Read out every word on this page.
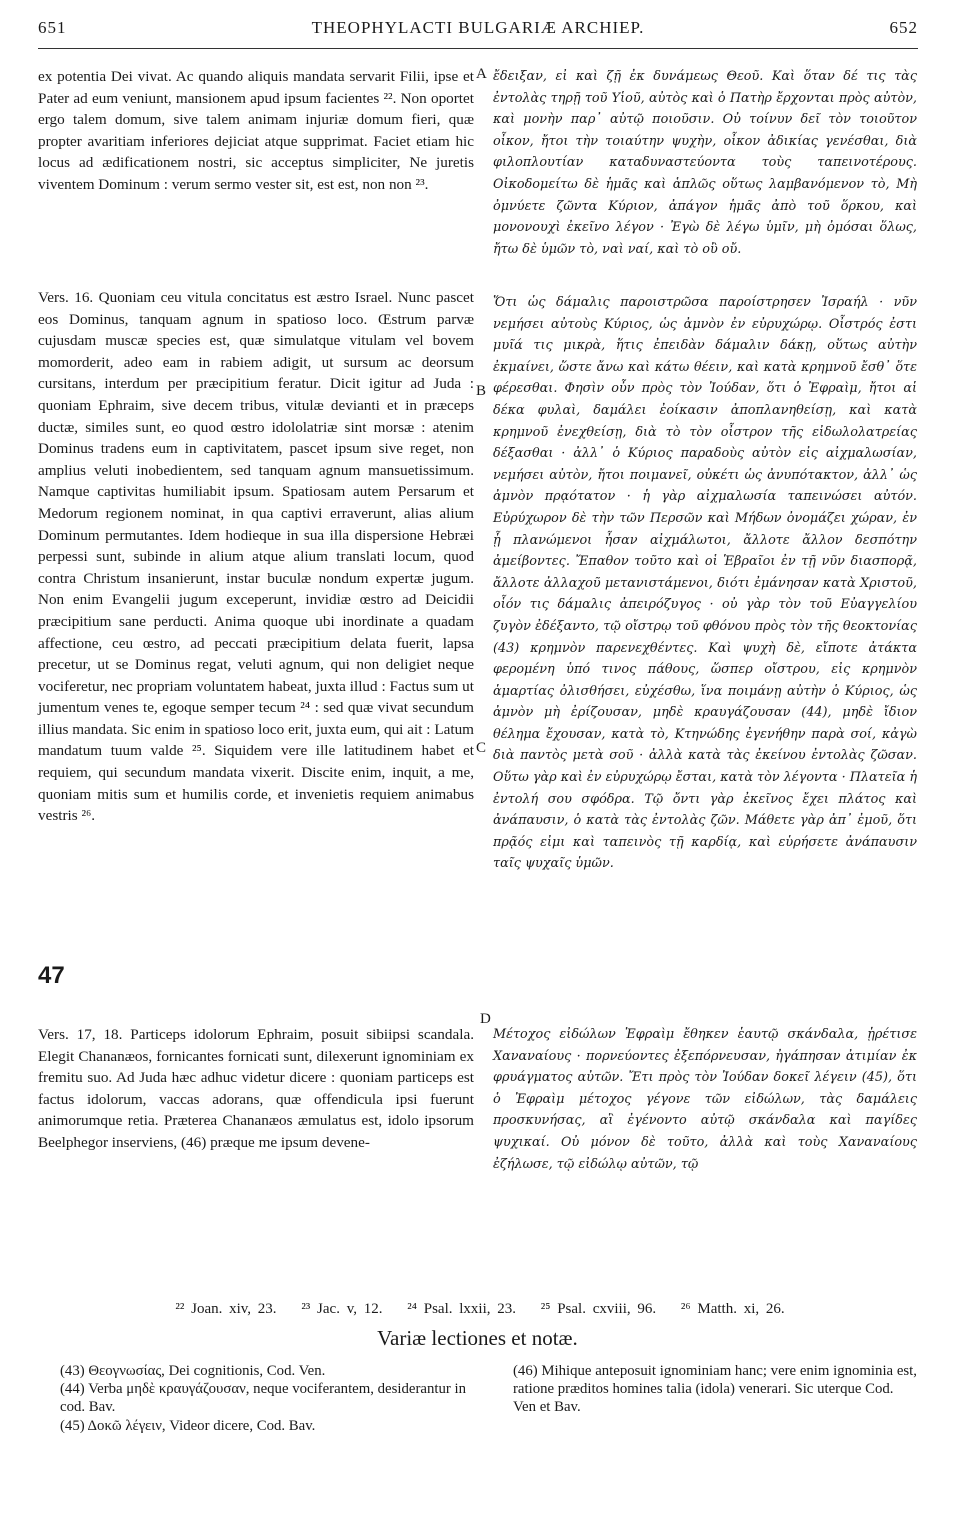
651	THEOPHYLACTI BULGARIÆ ARCHIEP.	652
A
B
C
D

ex potentia Dei vivat. Ac quando aliquis mandata servarit Filii, ipse et Pater ad eum veniunt, mansionem apud ipsum facientes ²². Non oportet ergo talem domum, sive talem animam injuriæ domum fieri, quæ propter avaritiam inferiores dejiciat atque supprimat. Faciet etiam hic locus ad ædificationem nostri, sic acceptus simpliciter, Ne juretis viventem Dominum : verum sermo vester sit, est est, non non ²³.

Vers. 16. Quoniam ceu vitula concitatus est æstro Israel. Nunc pascet eos Dominus, tanquam agnum in spatioso loco. Œstrum parvæ cujusdam muscæ species est, quæ simulatque vitulam vel bovem momorderit, adeo eam in rabiem adigit, ut sursum ac deorsum cursitans, interdum per præcipitium feratur. Dicit igitur ad Juda : quoniam Ephraim, sive decem tribus, vitulæ devianti et in præceps ductæ, similes sunt, eo quod œstro idololatriæ sint morsæ : atenim Dominus tradens eum in captivitatem, pascet ipsum sive reget, non amplius veluti inobedientem, sed tanquam agnum mansuetissimum. Namque captivitas humiliabit ipsum. Spatiosam autem Persarum et Medorum regionem nominat, in qua captivi erraverunt, alias alium Dominum permutantes. Idem hodieque in sua illa dispersione Hebræi perpessi sunt, subinde in alium atque alium translati locum, quod contra Christum insanierunt, instar buculæ nondum expertæ jugum. Non enim Evangelii jugum exceperunt, invidiæ œstro ad Deicidii præcipitium sane perducti. Anima quoque ubi inordinate a quadam affectione, ceu œstro, ad peccati præcipitium delata fuerit, lapsa precetur, ut se Dominus regat, veluti agnum, qui non deligiet neque vociferetur, nec propriam voluntatem habeat, juxta illud : Factus sum ut jumentum venes te, egoque semper tecum ²⁴ : sed quæ vivat secundum illius mandata. Sic enim in spatioso loco erit, juxta eum, qui ait : Latum mandatum tuum valde ²⁵. Siquidem vere ille latitudinem habet et requiem, qui secundum mandata vixerit. Discite enim, inquit, a me, quoniam mitis sum et humilis corde, et invenietis requiem animabus vestris ²⁶.

Vers. 17, 18. Particeps idolorum Ephraim, posuit sibiipsi scandala. Elegit Chananæos, fornicantes fornicati sunt, dilexerunt ignominiam ex fremitu suo. Ad Juda hæc adhuc videtur dicere : quoniam particeps est factus idolorum, vaccas adorans, quæ offendicula ipsi fuerunt animorumque retia. Præterea Chananæos æmulatus est, idolo ipsorum Beelphegor inserviens, (46) præque me ipsum devene-

47

ἔδειξαν, εἰ καὶ ζῇ ἐκ δυνάμεως Θεοῦ. Καὶ ὅταν δέ τις τὰς ἐντολὰς τηρῇ τοῦ Υἱοῦ, αὐτὸς καὶ ὁ Πατὴρ ἔρχονται πρὸς αὐτὸν, καὶ μονὴν παρ᾽ αὐτῷ ποιοῦσιν. Οὐ τοίνυν δεῖ τὸν τοιοῦτον οἶκον, ἤτοι τὴν τοιαύτην ψυχὴν, οἶκον ἀδικίας γενέσθαι, διὰ φιλοπλουτίαν καταδυναστεύοντα τοὺς ταπεινοτέρους. Οἰκοδομείτω δὲ ἡμᾶς καὶ ἁπλῶς οὕτως λαμβανόμενον τὸ, Μὴ ὀμνύετε ζῶντα Κύριον, ἀπάγον ἡμᾶς ἀπὸ τοῦ ὅρκου, καὶ μονονουχὶ ἐκεῖνο λέγον · Ἐγὼ δὲ λέγω ὑμῖν, μὴ ὀμόσαι ὅλως, ἤτω δὲ ὑμῶν τὸ, ναὶ ναί, καὶ τὸ οὒ οὔ.

Ὅτι ὡς δάμαλις παροιστρῶσα παροίστρησεν Ἰσραήλ · νῦν νεμήσει αὐτοὺς Κύριος, ὡς ἀμνὸν ἐν εὐρυχώρῳ. Οἶστρός ἐστι μυῖά τις μικρὰ, ἥτις ἐπειδὰν δάμαλιν δάκῃ, οὕτως αὐτὴν ἐκμαίνει, ὥστε ἄνω καὶ κάτω θέειν, καὶ κατὰ κρημνοῦ ἔσθ᾽ ὅτε φέρεσθαι. Φησὶν οὖν πρὸς τὸν Ἰούδαν, ὅτι ὁ Ἐφραὶμ, ἤτοι αἱ δέκα φυλαὶ, δαμάλει ἐοίκασιν ἀποπλανηθείσῃ, καὶ κατὰ κρημνοῦ ἐνεχθείσῃ, διὰ τὸ τὸν οἶστρον τῆς εἰδωλολατρείας δέξασθαι · ἀλλ᾽ ὁ Κύριος παραδοὺς αὐτὸν εἰς αἰχμαλωσίαν, νεμήσει αὐτὸν, ἤτοι ποιμανεῖ, οὐκέτι ὡς ἀνυπότακτον, ἀλλ᾽ ὡς ἀμνὸν πρᾳότατον · ἡ γὰρ αἰχμαλωσία ταπεινώσει αὐτόν. Εὐρύχωρον δὲ τὴν τῶν Περσῶν καὶ Μήδων ὀνομάζει χώραν, ἐν ᾗ πλανώμενοι ἦσαν αἰχμάλωτοι, ἄλλοτε ἄλλον δεσπότην ἀμείβοντες. Ἔπαθον τοῦτο καὶ οἱ Ἑβραῖοι ἐν τῇ νῦν διασπορᾷ, ἄλλοτε ἀλλαχοῦ μετανιστάμενοι, διότι ἐμάνησαν κατὰ Χριστοῦ, οἷόν τις δάμαλις ἀπειρόζυγος · οὐ γὰρ τὸν τοῦ Εὐαγγελίου ζυγὸν ἐδέξαντο, τῷ οἴστρῳ τοῦ φθόνου πρὸς τὸν τῆς θεοκτονίας (43) κρημνὸν παρενεχθέντες. Καὶ ψυχὴ δὲ, εἴποτε ἀτάκτα φερομένη ὑπό τινος πάθους, ὥσπερ οἴστρου, εἰς κρημνὸν ἁμαρτίας ὀλισθήσει, εὐχέσθω, ἵνα ποιμάνῃ αὐτὴν ὁ Κύριος, ὡς ἀμνὸν μὴ ἐρίζουσαν, μηδὲ κραυγάζουσαν (44), μηδὲ ἴδιον θέλημα ἔχουσαν, κατὰ τὸ, Κτηνώδης ἐγενήθην παρὰ σοί, κἀγὼ διὰ παντὸς μετὰ σοῦ · ἀλλὰ κατὰ τὰς ἐκείνου ἐντολὰς ζῶσαν. Οὕτω γὰρ καὶ ἐν εὐρυχώρῳ ἔσται, κατὰ τὸν λέγοντα · Πλατεῖα ἡ ἐντολή σου σφόδρα. Τῷ ὄντι γὰρ ἐκεῖνος ἔχει πλάτος καὶ ἀνάπαυσιν, ὁ κατὰ τὰς ἐντολὰς ζῶν. Μάθετε γὰρ ἀπ᾽ ἐμοῦ, ὅτι πρᾷός εἰμι καὶ ταπεινὸς τῇ καρδίᾳ, καὶ εὑρήσετε ἀνάπαυσιν ταῖς ψυχαῖς ὑμῶν.

Μέτοχος εἰδώλων Ἐφραὶμ ἔθηκεν ἑαυτῷ σκάνδαλα, ᾑρέτισε Χαναναίους · πορνεύοντες ἐξεπόρνευσαν, ἠγάπησαν ἀτιμίαν ἐκ φρυάγματος αὐτῶν. Ἔτι πρὸς τὸν Ἰούδαν δοκεῖ λέγειν (45), ὅτι ὁ Ἐφραὶμ μέτοχος γέγονε τῶν εἰδώλων, τὰς δαμάλεις προσκυνήσας, αἳ ἐγένοντο αὐτῷ σκάνδαλα καὶ παγίδες ψυχικαί. Οὐ μόνον δὲ τοῦτο, ἀλλὰ καὶ τοὺς Χαναναίους ἐζήλωσε, τῷ εἰδώλῳ αὐτῶν, τῷ

²² Joan. xiv, 23. ²³ Jac. v, 12. ²⁴ Psal. lxxii, 23. ²⁵ Psal. cxviii, 96. ²⁶ Matth. xi, 26.
Variæ lectiones et notæ.

(43) Θεογνωσίας, Dei cognitionis, Cod. Ven.

(44) Verba μηδὲ κραυγάζουσαν, neque vociferantem, desiderantur in cod. Bav.

(45) Δοκῶ λέγειν, Videor dicere, Cod. Bav.

(46) Mihique anteposuit ignominiam hanc; vere enim ignominia est, ratione præditos homines talia (idola) venerari. Sic uterque Cod. Ven et Bav.
